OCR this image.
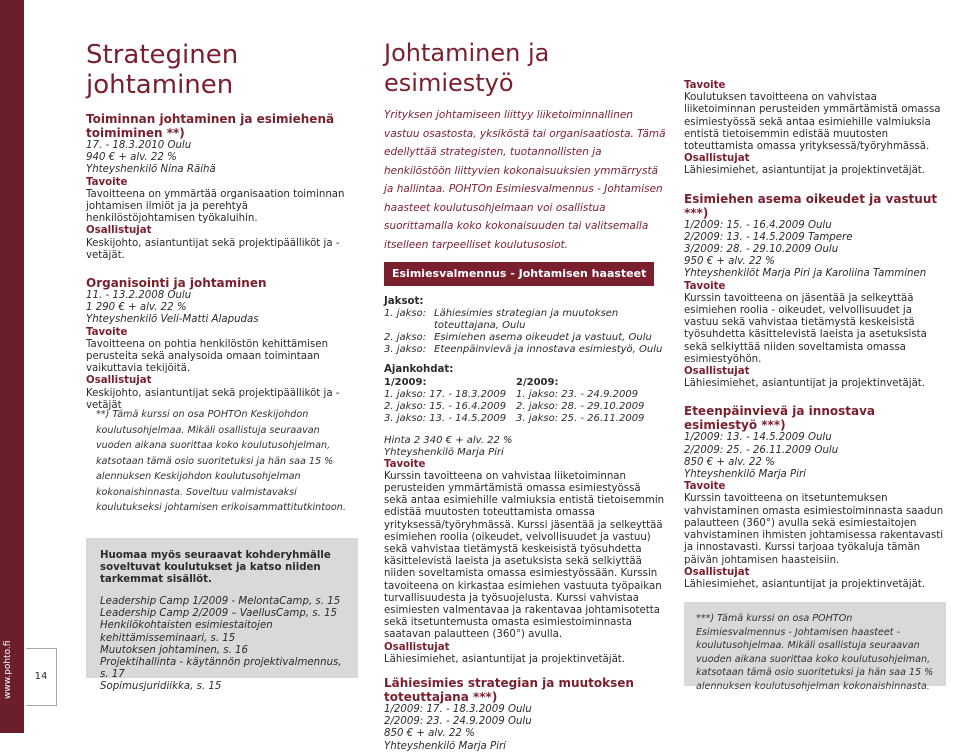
www.pohto.fi	14
Strateginen johtaminen

Toiminnan johtaminen ja esimiehenä toimiminen **)

17. - 18.3.2010 Oulu

940 € + alv. 22 %

Yhteyshenkilö Nina Räihä

Tavoite

Tavoitteena on ymmärtää organisaation toiminnan johtamisen ilmiöt ja ja perehtyä henkilöstöjohtamisen työkaluihin.

Osallistujat

Keskijohto, asiantuntijat sekä projektipäälliköt ja -vetäjät.

Organisointi ja johtaminen

11. - 13.2.2008 Oulu

1 290 € + alv. 22 %

Yhteyshenkilö Veli-Matti Alapudas

Tavoite

Tavoitteena on pohtia henkilöstön kehittämisen perusteita sekä analysoida omaan toimintaan vaikuttavia tekijöitä.

Osallistujat

Keskijohto, asiantuntijat sekä projektipäälliköt ja -vetäjät

**) Tämä kurssi on osa POHTOn Keskijohdon koulutusohjelmaa. Mikäli osallistuja seuraavan vuoden aikana suorittaa koko koulutusohjelman, katsotaan tämä osio suoritetuksi ja hän saa 15 % alennuksen Keskijohdon koulutusohjelman kokonaishinnasta. Soveltuu valmistavaksi koulutukseksi johtamisen erikoisammattitutkintoon.

Huomaa myös seuraavat kohderyhmälle soveltuvat koulutukset ja katso niiden tarkemmat sisällöt.

Leadership Camp 1/2009 - MelontaCamp, s. 15

Leadership Camp 2/2009 – VaellusCamp, s. 15

Henkilökohtaisten esimiestaitojen kehittämisseminaari, s. 15

Muutoksen johtaminen, s. 16

Projektihallinta - käytännön projektivalmennus, s. 17

Sopimusjuridiikka, s. 15

Johtaminen ja esimiestyö

Yrityksen johtamiseen liittyy liiketoiminnallinen vastuu osastosta, yksiköstä tai organisaatiosta. Tämä edellyttää strategisten, tuotannollisten ja henkilöstöön liittyvien kokonaisuuksien ymmärrystä ja hallintaa. POHTOn Esimiesvalmennus - Johtamisen haasteet koulutusohjelmaan voi osallistua suorittamalla koko kokonaisuuden tai valitsemalla itselleen tarpeelliset koulutusosiot.

Esimiesvalmennus - Johtamisen haasteet

Jaksot:

1. jakso:	Lähiesimies strategian ja muutoksen toteuttajana, Oulu
2. jakso:	Esimiehen asema oikeudet ja vastuut, Oulu
3. jakso:	Eteenpäinvievä ja innostava esimiestyö, Oulu

Ajankohdat:

1/2009:	2/2009:
1. jakso: 17. - 18.3.2009	1. jakso: 23. - 24.9.2009
2. jakso: 15. - 16.4.2009	2. jakso: 28. - 29.10.2009
3. jakso: 13. - 14.5.2009	3. jakso: 25. - 26.11.2009

Hinta 2 340 € + alv. 22 %

Yhteyshenkilö Marja Piri

Tavoite

Kurssin tavoitteena on vahvistaa liiketoiminnan perusteiden ymmärtämistä omassa esimiestyössä sekä antaa esimiehille valmiuksia entistä tietoisemmin edistää muutosten toteuttamista omassa yrityksessä/työryhmässä. Kurssi jäsentää ja selkeyttää esimiehen roolia (oikeudet, velvollisuudet ja vastuu) sekä vahvistaa tietämystä keskeisistä työsuhdetta käsittelevistä laeista ja asetuksista sekä selkiyttää niiden soveltamista omassa esimiestyössään. Kurssin tavoiteena on kirkastaa esimiehen vastuuta työpaikan turvallisuudesta ja työsuojelusta. Kurssi vahvistaa esimiesten valmentavaa ja rakentavaa johtamisotetta sekä itsetuntemusta omasta esimiestoiminnasta saatavan palautteen (360°) avulla.

Osallistujat

Lähiesimiehet, asiantuntijat ja projektinvetäjät.

Lähiesimies strategian ja muutoksen toteuttajana ***)

1/2009: 17. - 18.3.2009 Oulu

2/2009: 23. - 24.9.2009 Oulu

850 € + alv. 22 %

Yhteyshenkilö Marja Piri

Tavoite

Koulutuksen tavoitteena on vahvistaa liiketoiminnan perusteiden ymmärtämistä omassa esimiestyössä sekä antaa esimiehille valmiuksia entistä tietoisemmin edistää muutosten toteuttamista omassa yrityksessä/työryhmässä.

Osallistujat

Lähiesimiehet, asiantuntijat ja projektinvetäjät.

Esimiehen asema oikeudet ja vastuut ***)

1/2009: 15. - 16.4.2009 Oulu

2/2009: 13. - 14.5.2009 Tampere

3/2009: 28. - 29.10.2009 Oulu

950 € + alv. 22 %

Yhteyshenkilöt Marja Piri ja Karoliina Tamminen

Tavoite

Kurssin tavoitteena on jäsentää ja selkeyttää esimiehen roolia - oikeudet, velvollisuudet ja vastuu sekä vahvistaa tietämystä keskeisistä työsuhdetta käsittelevistä laeista ja asetuksista sekä selkiyttää niiden soveltamista omassa esimiestyöhön.

Osallistujat

Lähiesimiehet, asiantuntijat ja projektinvetäjät.

Eteenpäinvievä ja innostava esimiestyö ***)

1/2009: 13. - 14.5.2009 Oulu

2/2009: 25. - 26.11.2009 Oulu

850 € + alv. 22 %

Yhteyshenkilö Marja Piri

Tavoite

Kurssin tavoitteena on itsetuntemuksen vahvistaminen omasta esimiestoiminnasta saadun palautteen (360°) avulla sekä esimiestaitojen vahvistaminen ihmisten johtamisessa rakentavasti ja innostavasti. Kurssi tarjoaa työkaluja tämän päivän johtamisen haasteisiin.

Osallistujat

Lähiesimiehet, asiantuntijat ja projektinvetäjät.

***) Tämä kurssi on osa POHTOn Esimiesvalmennus - Johtamisen haasteet -koulutusohjelmaa. Mikäli osallistuja seuraavan vuoden aikana suorittaa koko koulutusohjelman, katsotaan tämä osio suoritetuksi ja hän saa 15 % alennuksen koulutusohjelman kokonaishinnasta.
